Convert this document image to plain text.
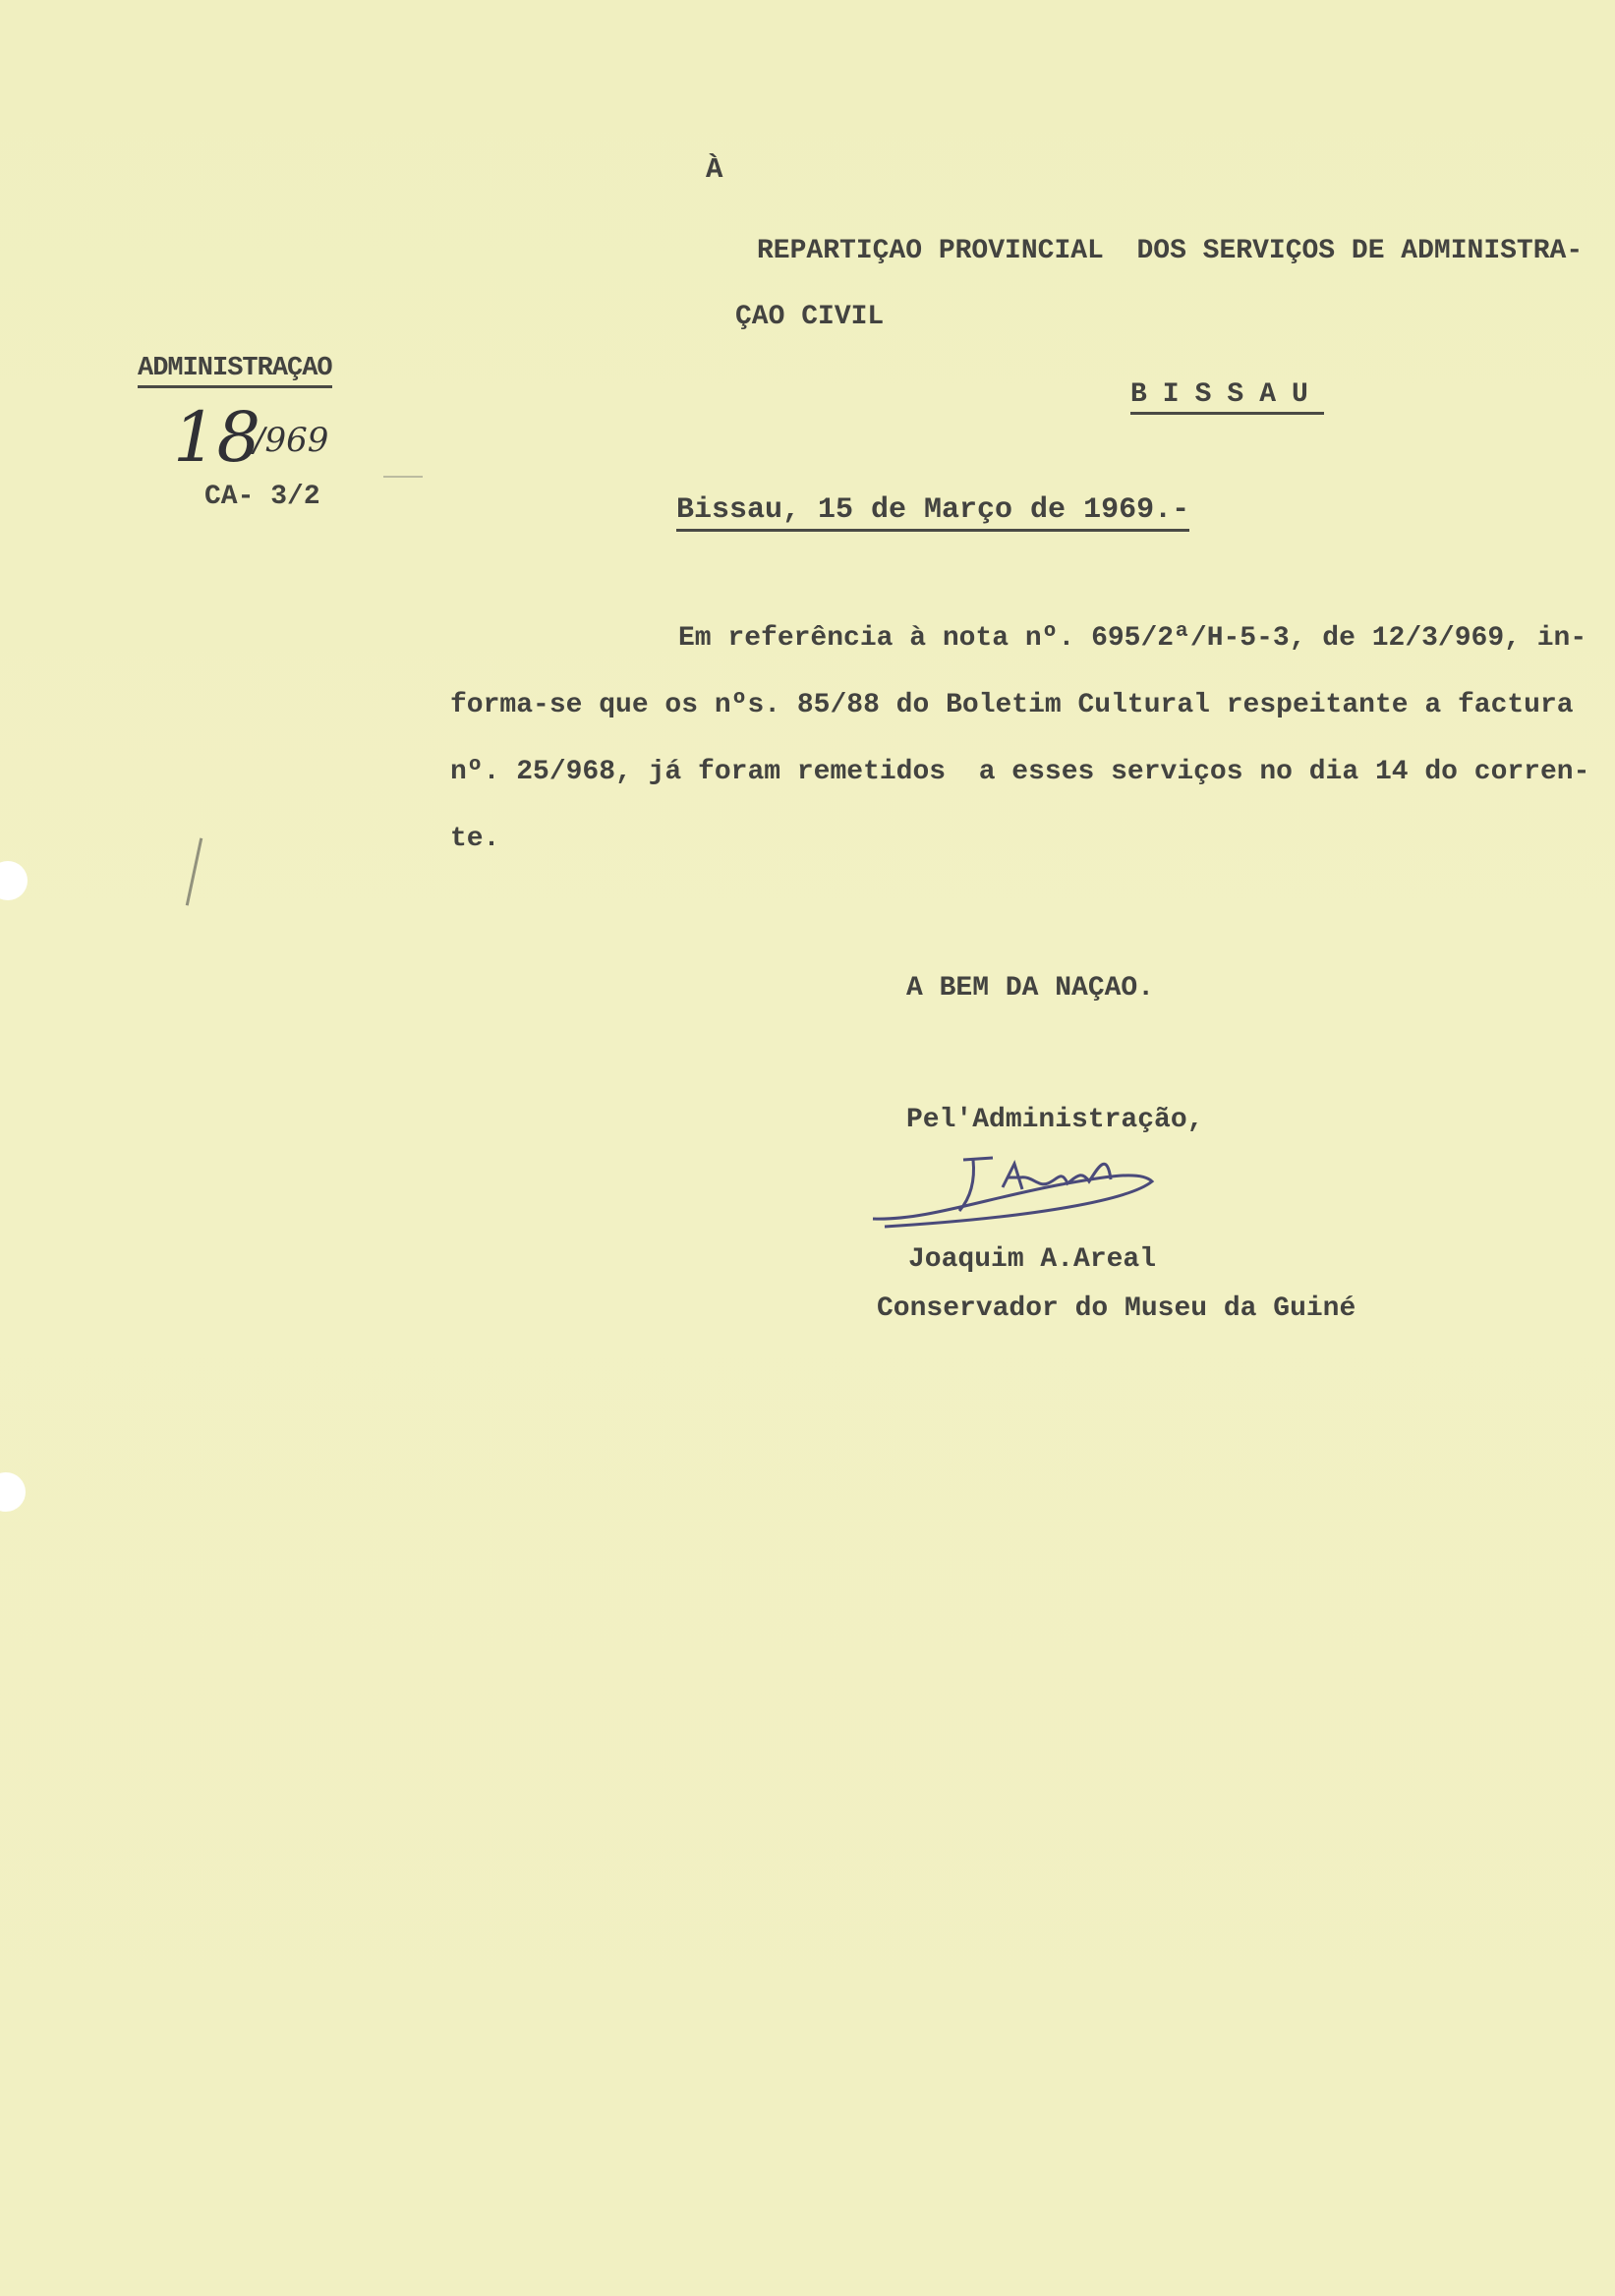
À
REPARTIÇAO PROVINCIAL  DOS SERVIÇOS DE ADMINISTRA-
ÇAO CIVIL
BISSAU
ADMINISTRAÇAO
18
/969
CA- 3/2	Bissau, 15 de Março de 1969.-
Em referência à nota nº. 695/2ª/H-5-3, de 12/3/969, in-
forma-se que os nºs. 85/88 do Boletim Cultural respeitante a factura
nº. 25/968, já foram remetidos  a esses serviços no dia 14 do corren-
te.
A BEM DA NAÇAO.
Pel'Administração,
Joaquim A.Areal
Conservador do Museu da Guiné
